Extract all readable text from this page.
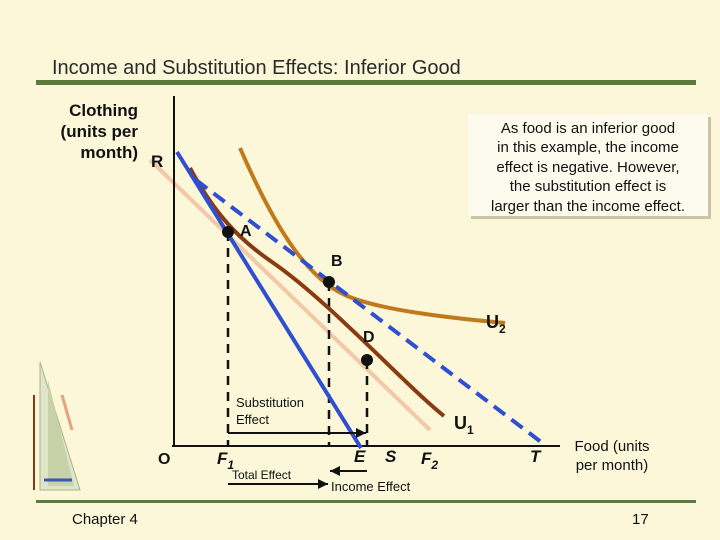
Income and Substitution Effects: Inferior Good
Clothing
(units per
month)
As food is an inferior good
in this example, the income
effect is negative. However,
the substitution effect is
larger than the income effect.
Food (units
per month)
R
A
B
D
$U_2$
$U_1$
Substitution
Effect
O	$F_1$	E S $F_2$	T
Total Effect
Income Effect
Chapter 4	17
